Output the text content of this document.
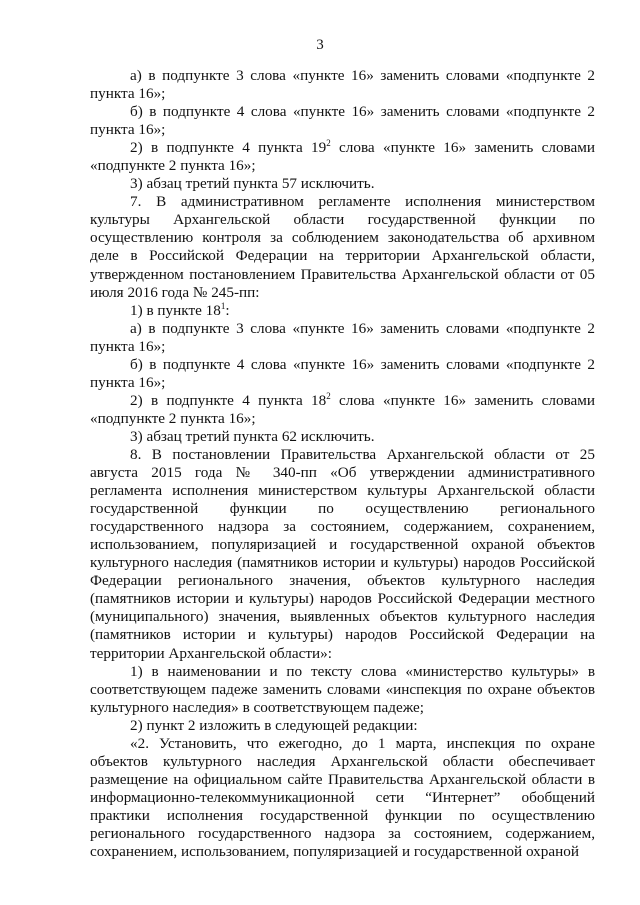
3

а) в подпункте 3 слова «пункте 16» заменить словами «подпункте 2 пункта 16»;

б) в подпункте 4 слова «пункте 16» заменить словами «подпункте 2 пункта 16»;

2) в подпункте 4 пункта $19^2$ слова «пункте 16» заменить словами «подпункте 2 пункта 16»;

3) абзац третий пункта 57 исключить.

7. В административном регламенте исполнения министерством культуры Архангельской области государственной функции по осуществлению контроля за соблюдением законодательства об архивном деле в Российской Федерации на территории Архангельской области, утвержденном постановлением Правительства Архангельской области от 05 июля 2016 года № 245-пп:

1) в пункте $18^1$:

а) в подпункте 3 слова «пункте 16» заменить словами «подпункте 2 пункта 16»;

б) в подпункте 4 слова «пункте 16» заменить словами «подпункте 2 пункта 16»;

2) в подпункте 4 пункта $18^2$ слова «пункте 16» заменить словами «подпункте 2 пункта 16»;

3) абзац третий пункта 62 исключить.

8. В постановлении Правительства Архангельской области от 25 августа 2015 года № 340-пп «Об утверждении административного регламента исполнения министерством культуры Архангельской области государственной функции по осуществлению регионального государственного надзора за состоянием, содержанием, сохранением, использованием, популяризацией и государственной охраной объектов культурного наследия (памятников истории и культуры) народов Российской Федерации регионального значения, объектов культурного наследия (памятников истории и культуры) народов Российской Федерации местного (муниципального) значения, выявленных объектов культурного наследия (памятников истории и культуры) народов Российской Федерации на территории Архангельской области»:

1) в наименовании и по тексту слова «министерство культуры» в соответствующем падеже заменить словами «инспекция по охране объектов культурного наследия» в соответствующем падеже;

2) пункт 2 изложить в следующей редакции:

«2. Установить, что ежегодно, до 1 марта, инспекция по охране объектов культурного наследия Архангельской области обеспечивает размещение на официальном сайте Правительства Архангельской области в информационно-телекоммуникационной сети “Интернет” обобщений практики исполнения государственной функции по осуществлению регионального государственного надзора за состоянием, содержанием, сохранением, использованием, популяризацией и государственной охраной
